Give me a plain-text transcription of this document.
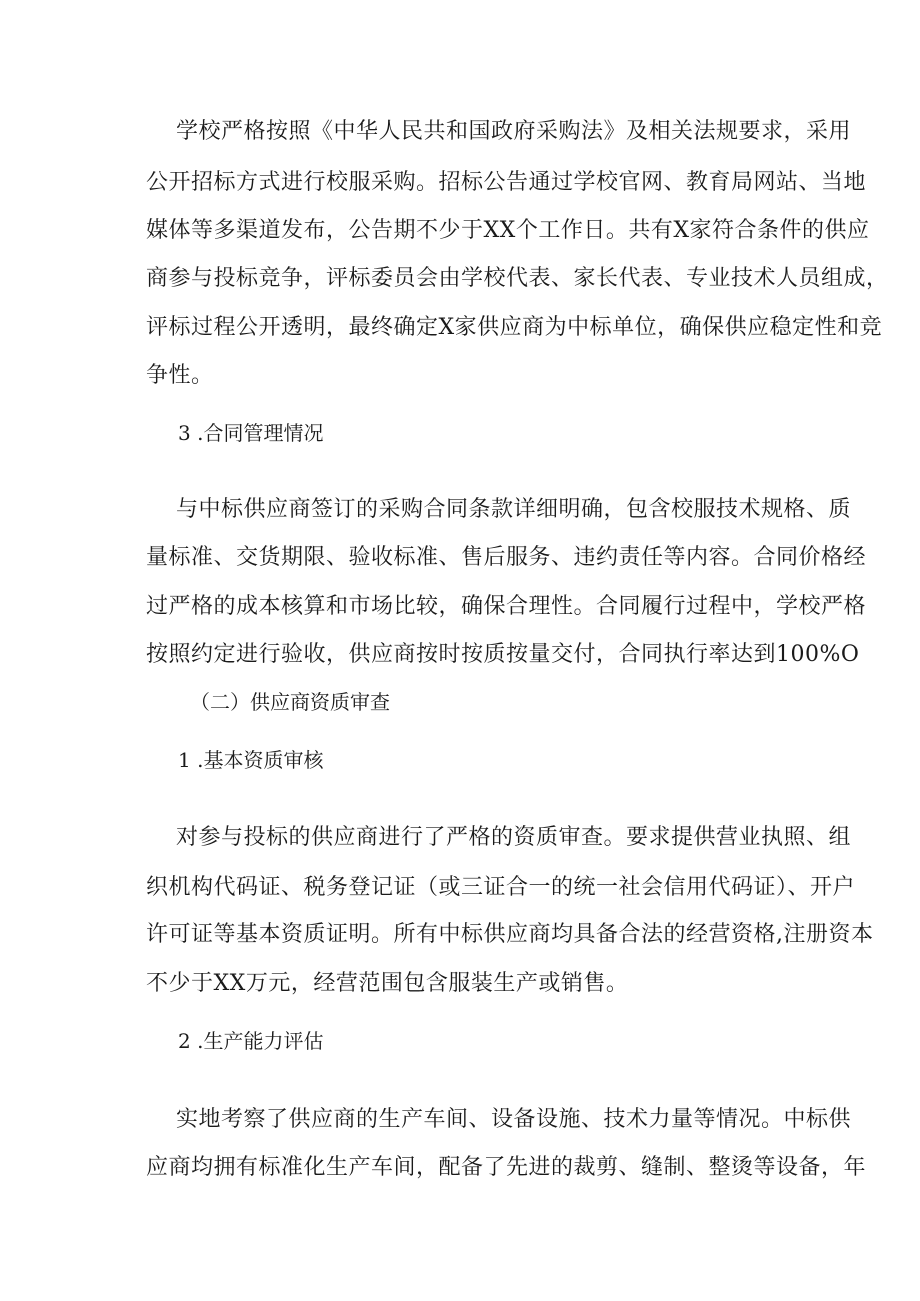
学校严格按照《中华人民共和国政府采购法》及相关法规要求，采用
公开招标方式进行校服采购。招标公告通过学校官网、教育局网站、当地
媒体等多渠道发布，公告期不少于XX个工作日。共有X家符合条件的供应
商参与投标竞争，评标委员会由学校代表、家长代表、专业技术人员组成，
评标过程公开透明，最终确定X家供应商为中标单位，确保供应稳定性和竞
争性。
3 .合同管理情况
与中标供应商签订的采购合同条款详细明确，包含校服技术规格、质
量标准、交货期限、验收标准、售后服务、违约责任等内容。合同价格经
过严格的成本核算和市场比较，确保合理性。合同履行过程中，学校严格
按照约定进行验收，供应商按时按质按量交付，合同执行率达到100%O
（二）供应商资质审查
1 .基本资质审核
对参与投标的供应商进行了严格的资质审查。要求提供营业执照、组
织机构代码证、税务登记证（或三证合一的统一社会信用代码证）、开户
许可证等基本资质证明。所有中标供应商均具备合法的经营资格,注册资本
不少于XX万元，经营范围包含服装生产或销售。
2 .生产能力评估
实地考察了供应商的生产车间、设备设施、技术力量等情况。中标供
应商均拥有标准化生产车间，配备了先进的裁剪、缝制、整烫等设备，年
